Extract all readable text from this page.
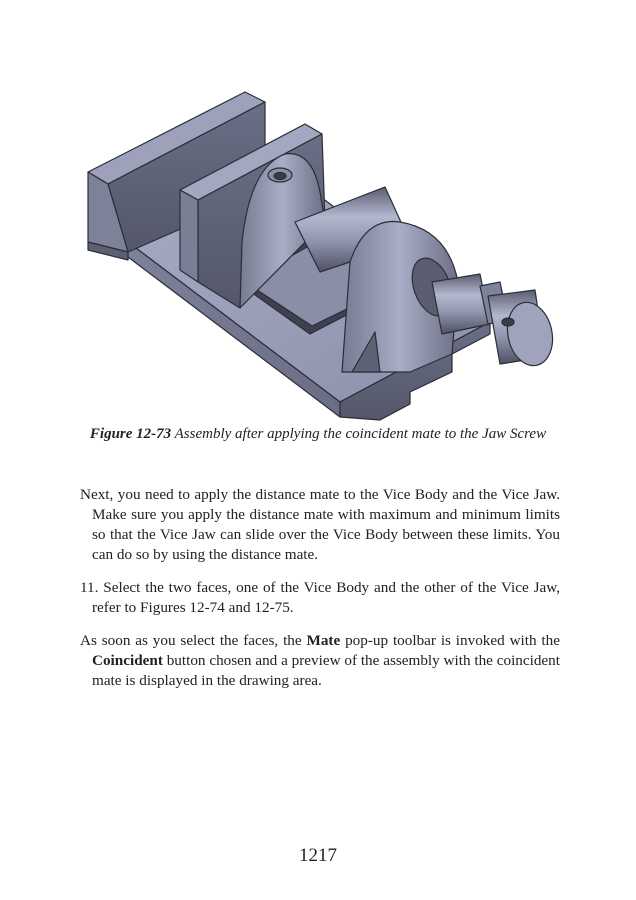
Figure 12-73 Assembly after applying the coincident mate to the Jaw Screw
Next, you need to apply the distance mate to the Vice Body and the Vice Jaw. Make sure you apply the distance mate with maximum and minimum limits so that the Vice Jaw can slide over the Vice Body between these limits. You can do so by using the distance mate.
11. Select the two faces, one of the Vice Body and the other of the Vice Jaw, refer to Figures 12-74 and 12-75.
As soon as you select the faces, the Mate pop-up toolbar is invoked with the Coincident button chosen and a preview of the assembly with the coincident mate is displayed in the drawing area.
1217
